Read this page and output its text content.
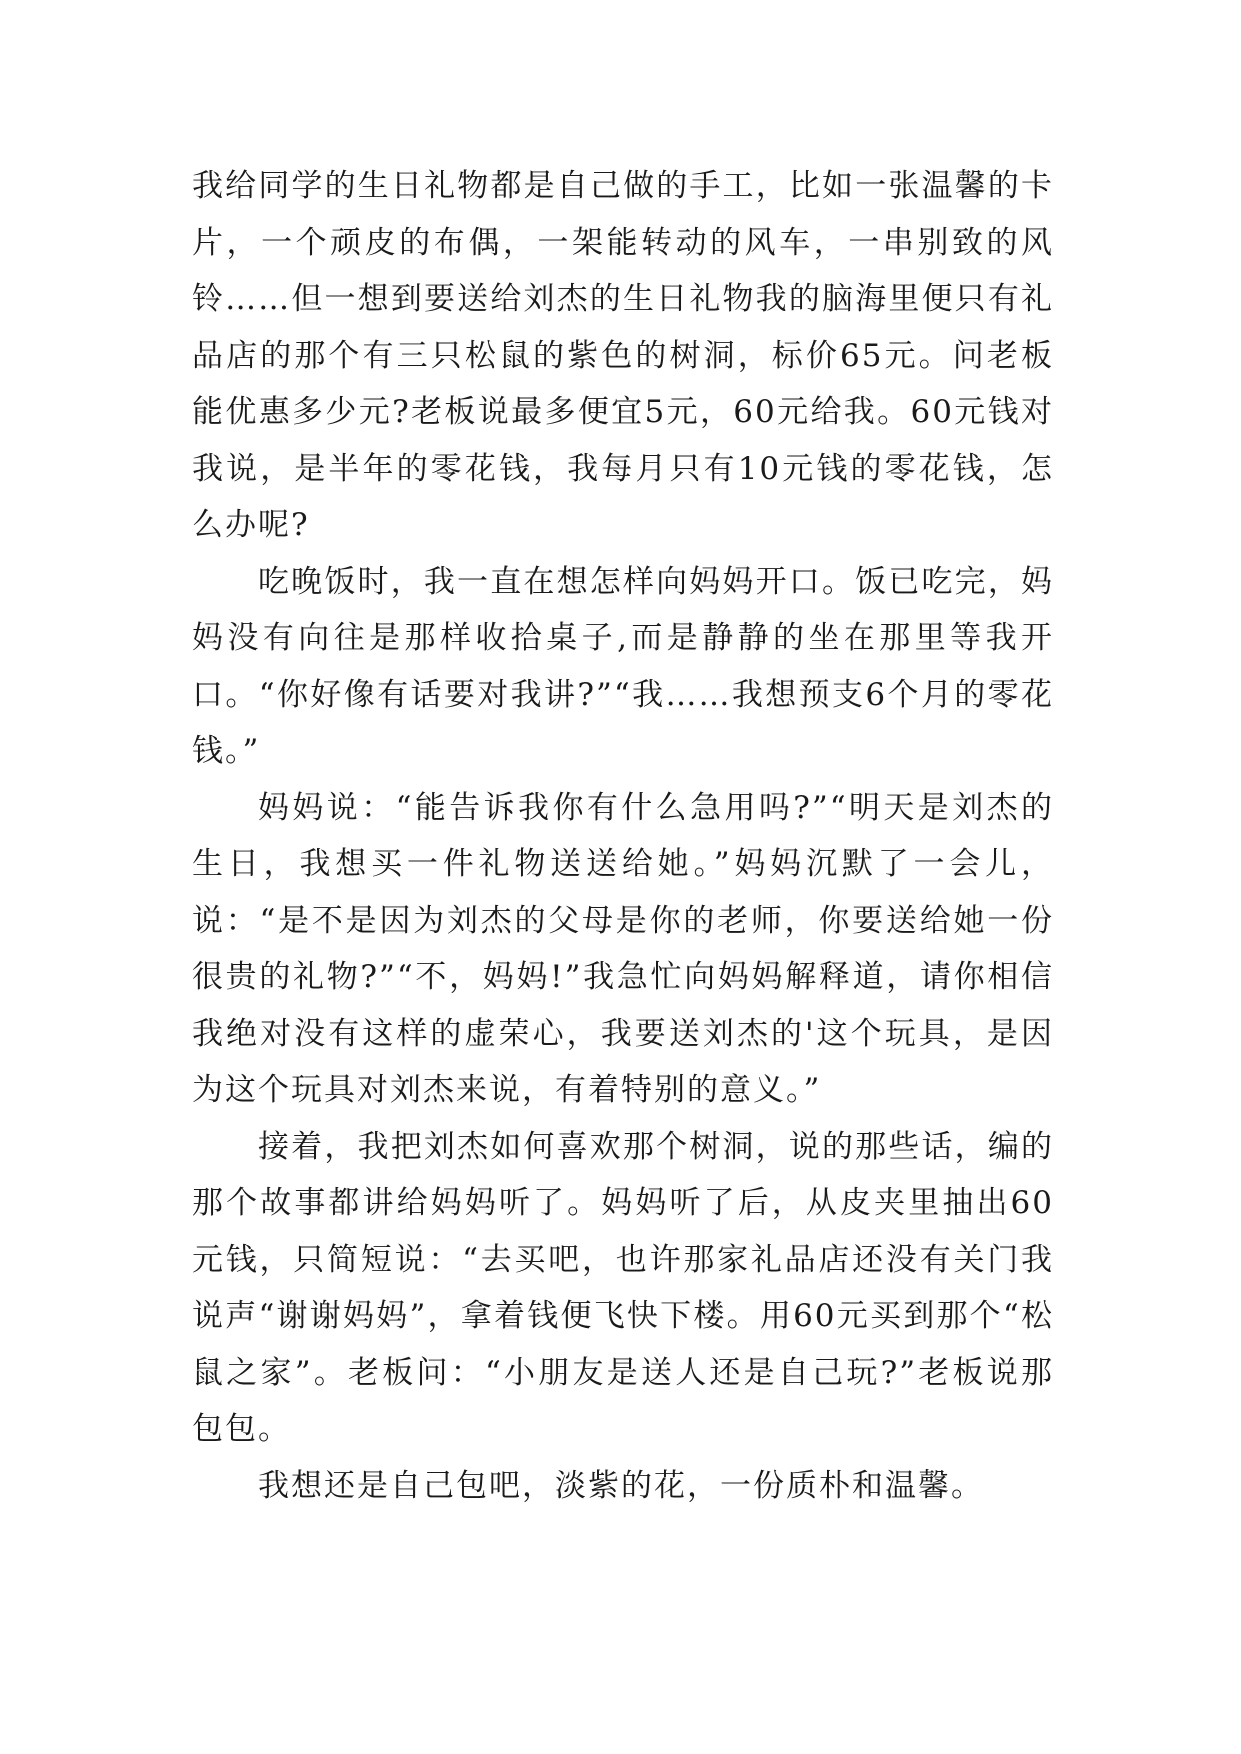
我给同学的生日礼物都是自己做的手工，比如一张温馨的卡片，一个顽皮的布偶，一架能转动的风车，一串别致的风铃……但一想到要送给刘杰的生日礼物我的脑海里便只有礼品店的那个有三只松鼠的紫色的树洞，标价65元。问老板能优惠多少元?老板说最多便宜5元，60元给我。60元钱对我说，是半年的零花钱，我每月只有10元钱的零花钱，怎么办呢?

吃晚饭时，我一直在想怎样向妈妈开口。饭已吃完，妈妈没有向往是那样收拾桌子,而是静静的坐在那里等我开口。“你好像有话要对我讲?”“我……我想预支6个月的零花钱。”

妈妈说：“能告诉我你有什么急用吗?”“明天是刘杰的生日，我想买一件礼物送送给她。”妈妈沉默了一会儿，说：“是不是因为刘杰的父母是你的老师，你要送给她一份很贵的礼物?”“不，妈妈!”我急忙向妈妈解释道，请你相信我绝对没有这样的虚荣心，我要送刘杰的'这个玩具，是因为这个玩具对刘杰来说，有着特别的意义。”

接着，我把刘杰如何喜欢那个树洞，说的那些话，编的那个故事都讲给妈妈听了。妈妈听了后，从皮夹里抽出60元钱，只简短说：“去买吧，也许那家礼品店还没有关门我说声“谢谢妈妈”，拿着钱便飞快下楼。用60元买到那个“松鼠之家”。老板问：“小朋友是送人还是自己玩?”老板说那包包。

我想还是自己包吧，淡紫的花，一份质朴和温馨。
